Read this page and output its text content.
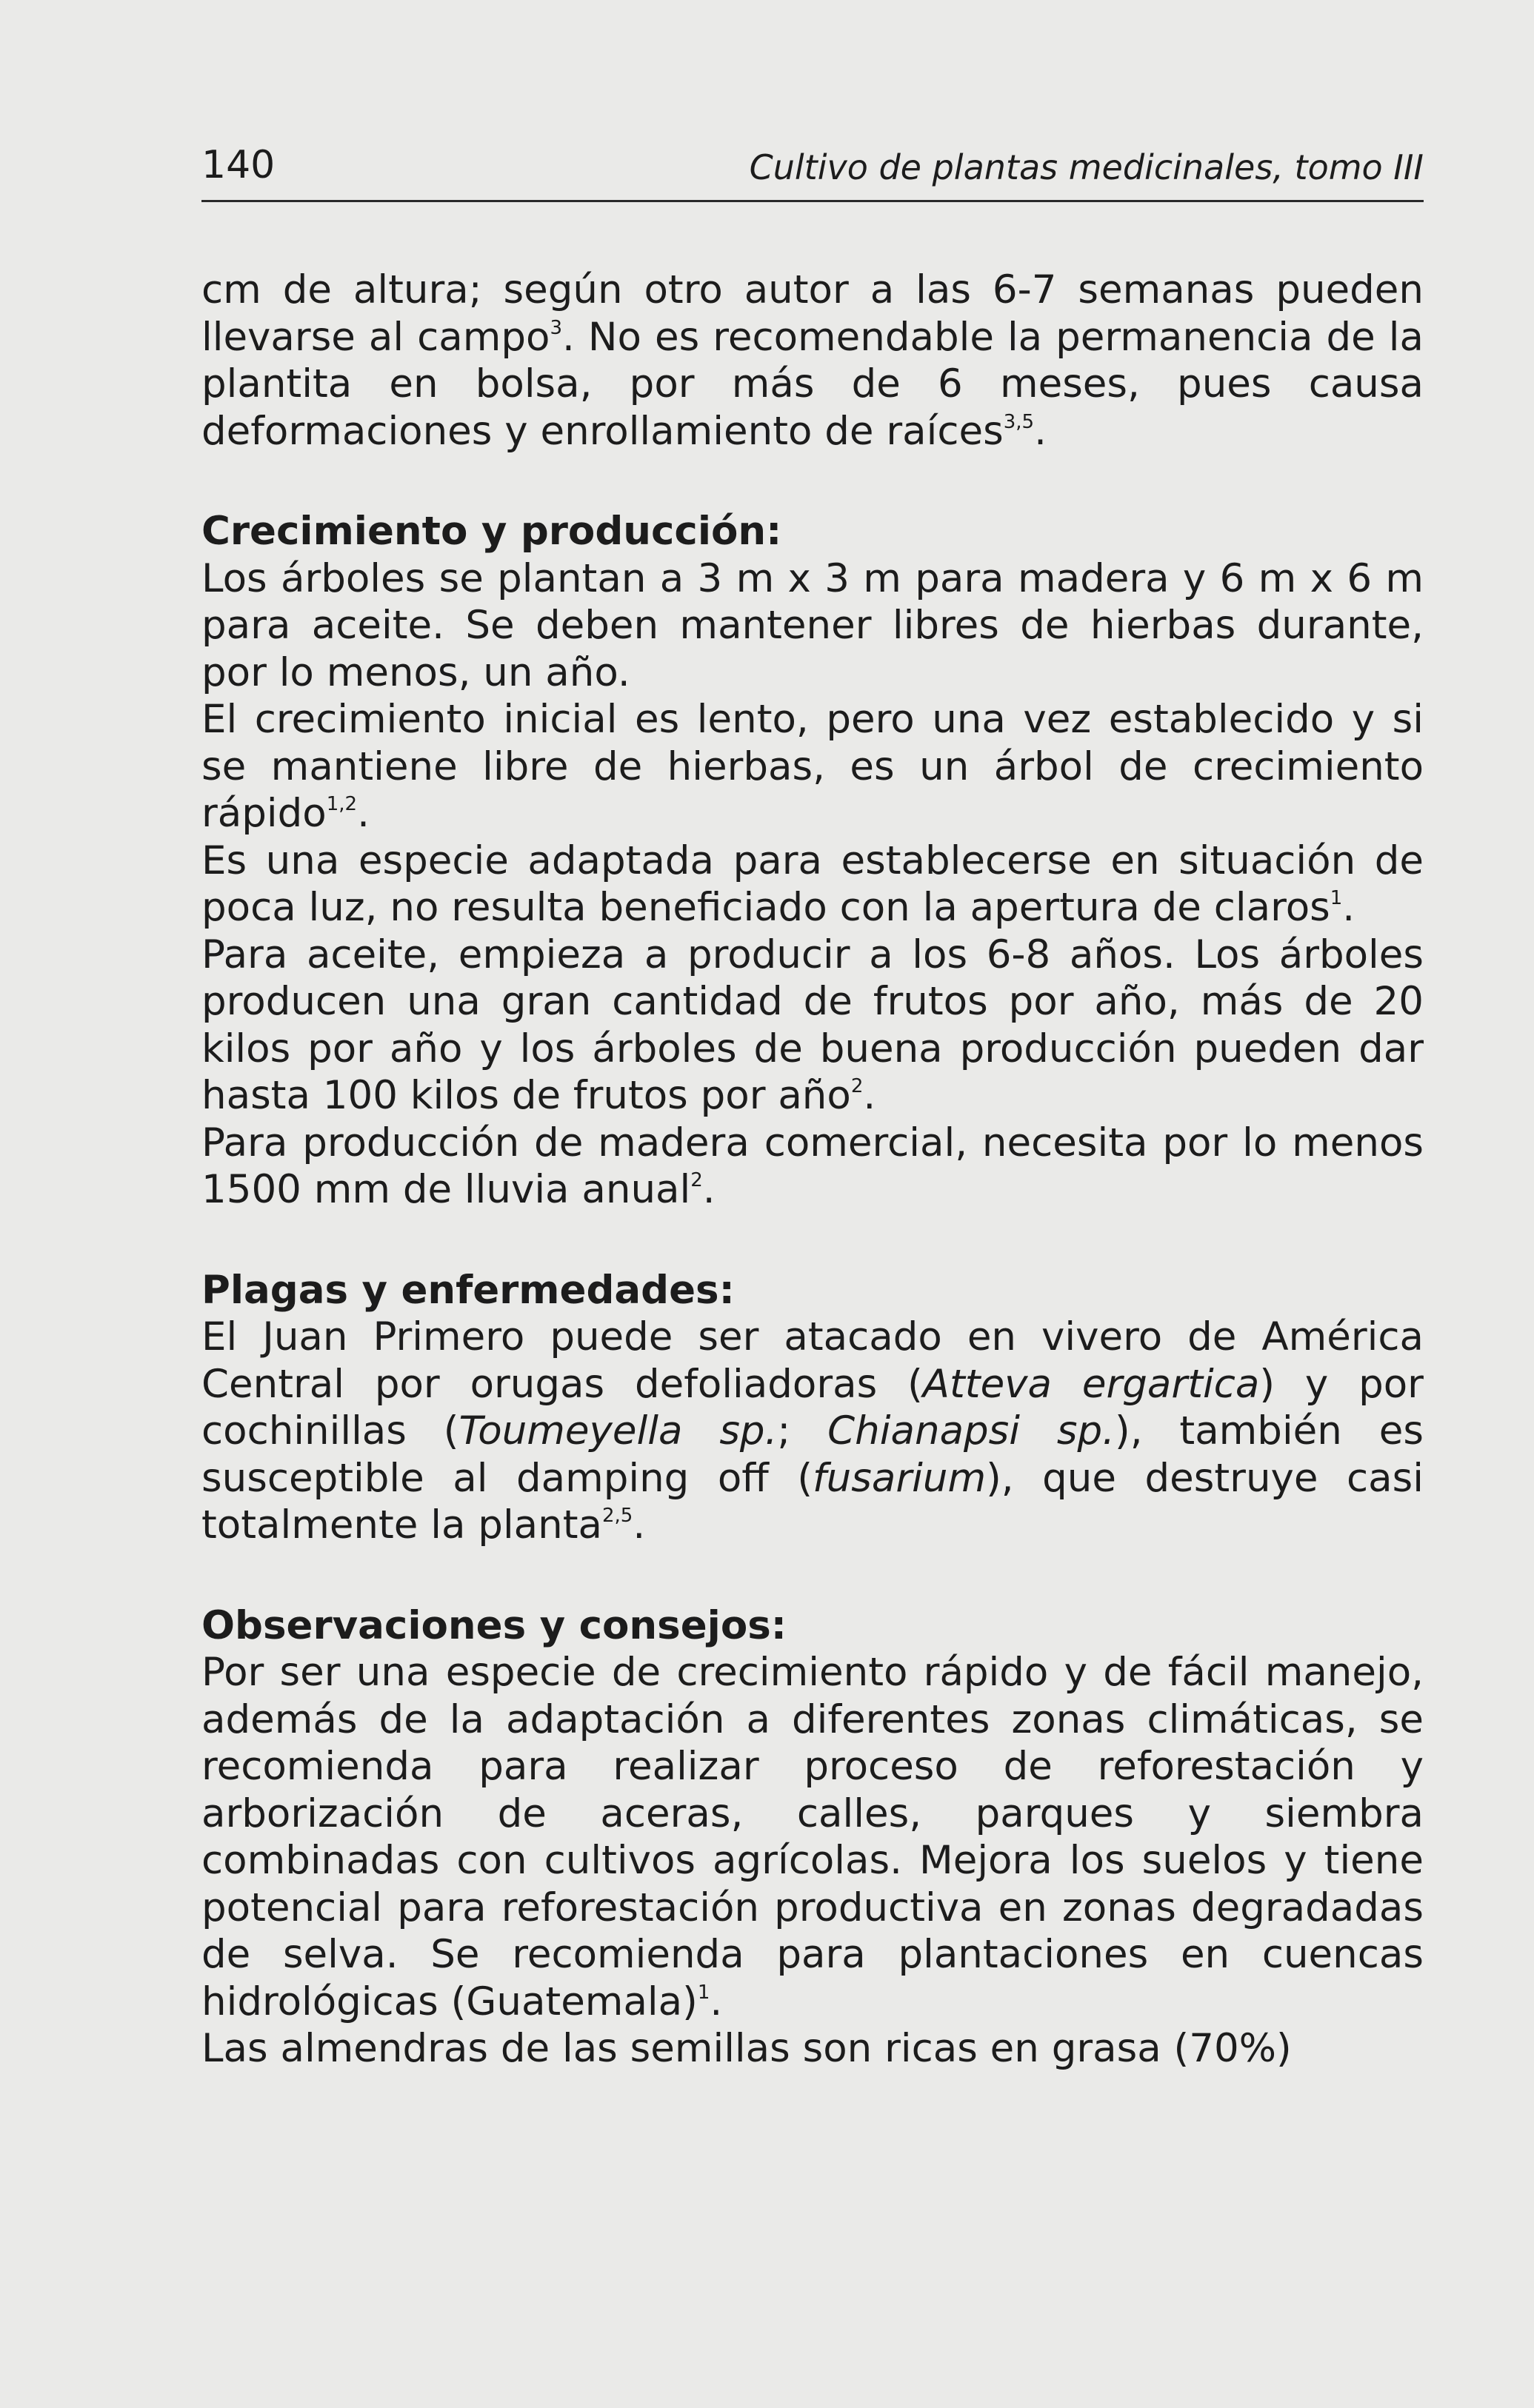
140	Cultivo de plantas medicinales, tomo III

cm de altura; según otro autor a las 6-7 semanas pueden llevarse al campo$^3$. No es recomendable la permanencia de la plantita en bolsa, por más de 6 meses, pues causa deformaciones y enrollamiento de raíces$^{3,5}$.

Crecimiento y producción:

Los árboles se plantan a 3 m x 3 m para madera y 6 m x 6 m para aceite. Se deben mantener libres de hierbas durante, por lo menos, un año.

El crecimiento inicial es lento, pero una vez establecido y si se mantiene libre de hierbas, es un árbol de crecimiento rápido$^{1,2}$.

Es una especie adaptada para establecerse en situación de poca luz, no resulta beneficiado con la apertura de claros$^1$.

Para aceite, empieza a producir a los 6-8 años. Los árboles producen una gran cantidad de frutos por año, más de 20 kilos por año y los árboles de buena producción pueden dar hasta 100 kilos de frutos por año$^2$.

Para producción de madera comercial, necesita por lo menos 1500 mm de lluvia anual$^2$.

Plagas y enfermedades:

El Juan Primero puede ser atacado en vivero de América Central por orugas defoliadoras (Atteva ergartica) y por cochinillas (Toumeyella sp.; Chianapsi sp.), también es susceptible al damping off (fusarium), que destruye casi totalmente la planta$^{2,5}$.

Observaciones y consejos:

Por ser una especie de crecimiento rápido y de fácil manejo, además de la adaptación a diferentes zonas climáticas, se recomienda para realizar proceso de reforestación y arborización de aceras, calles, parques y siembra combinadas con cultivos agrícolas. Mejora los suelos y tiene potencial para reforestación productiva en zonas degradadas de selva. Se recomienda para plantaciones en cuencas hidrológicas (Guatemala)$^1$.

Las almendras de las semillas son ricas en grasa (70%)
